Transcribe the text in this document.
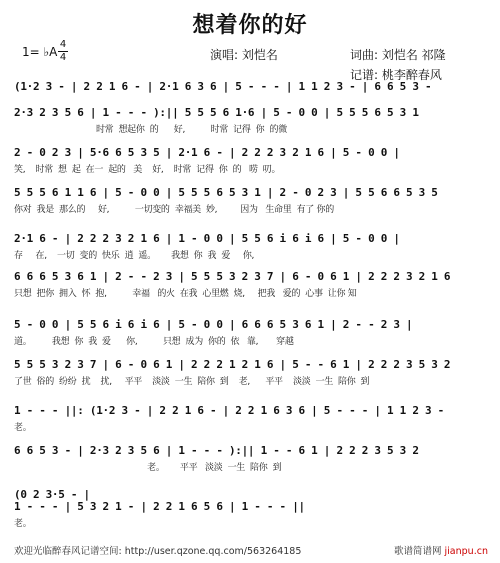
想着你的好
1= ♭A
4
4	演唱: 刘恺名	词曲: 刘恺名 祁隆
记谱: 桃李醉春风
(1·2 3 - | 2 2 1 6 - | 2·1 6 3 6 | 5 - - - | 1 1 2 3 - | 6 6 5 3 -
2·3 2 3 5 6 | 1 - - - ):|| 5 5 5 6 1·6 | 5 - 0 0 | 5 5 5 6 5 3 1
时常  想起你  的      好,          时常  记得  你  的微
2 - 0 2 3 | 5·6 6 5 3 5 | 2·1 6 - | 2 2 2 3 2 1 6 | 5 - 0 0 |
笑,    时常  想  起  在一  起的   美    好,    时常  记得  你  的   唠  叨。
5 5 5 6 1 1 6 | 5 - 0 0 | 5 5 5 6 5 3 1 | 2 - 0 2 3 | 5 5 6 6 5 3 5
你对  我是  那么的     好,          一切变的  幸福美  妙,         因为   生命里  有了 你的
2·1 6 - | 2 2 2 3 2 1 6 | 1 - 0 0 | 5 5 6 i 6 i 6 | 5 - 0 0 |
存     在,    一切  变的  快乐  逍  遥。      我想  你  我  爱     你,
6 6 6 5 3 6 1 | 2 - - 2 3 | 5 5 5 3 2 3 7 | 6 - 0 6 1 | 2 2 2 3 2 1 6
只想  把你  拥入  怀  抱,          幸福   的火  在我  心里燃  烧,     把我   爱的  心事  让你 知
5 - 0 0 | 5 5 6 i 6 i 6 | 5 - 0 0 | 6 6 6 5 3 6 1 | 2 - - 2 3 |
道。        我想  你  我  爱      你,          只想  成为  你的  依   靠,       穿越
5 5 5 3 2 3 7 | 6 - 0 6 1 | 2 2 2 1 2 1 6 | 5 - - 6 1 | 2 2 2 3 5 3 2
了世  俗的  纷纷  扰    扰,     平平    淡淡  一生  陪你  到    老,      平平    淡淡  一生  陪你  到
1 - - - ||: (1·2 3 - | 2 2 1 6 - | 2 2 1 6 3 6 | 5 - - - | 1 1 2 3 -
老。
6 6 5 3 - | 2·3 2 3 5 6 | 1 - - - ):|| 1 - - 6 1 | 2 2 2 3 5 3 2
老。      平平   淡淡  一生  陪你  到
(0 2 3·5 - |
1 - - - | 5 3 2 1 - | 2 2 1 6 5 6 | 1 - - - ||
老。
欢迎光临醉春风记谱空间: http://user.qzone.qq.com/563264185	歌谱简谱网 jianpu.cn
